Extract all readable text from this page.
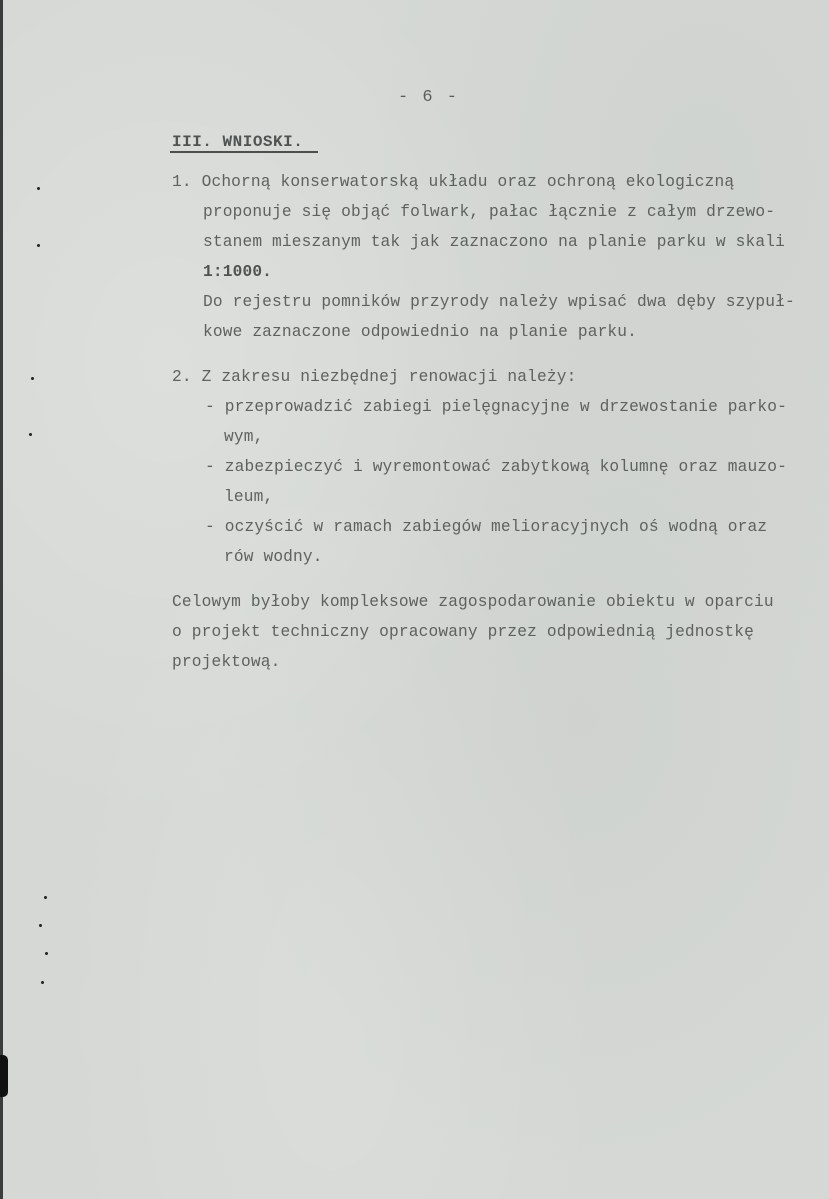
- 6 -
III. WNIOSKI.
1. Ochorną konserwatorską układu oraz ochroną ekologiczną
proponuje się objąć folwark, pałac łącznie z całym drzewo-
stanem mieszanym tak jak zaznaczono na planie parku w skali
1:1000.
Do rejestru pomników przyrody należy wpisać dwa dęby szypuł-
kowe zaznaczone odpowiednio na planie parku.
2. Z zakresu niezbędnej renowacji należy:
- przeprowadzić zabiegi pielęgnacyjne w drzewostanie parko-
wym,
- zabezpieczyć i wyremontować zabytkową kolumnę oraz mauzo-
leum,
- oczyścić w ramach zabiegów melioracyjnych oś wodną oraz
rów wodny.
Celowym byłoby kompleksowe zagospodarowanie obiektu w oparciu
o projekt techniczny opracowany przez odpowiednią jednostkę
projektową.
